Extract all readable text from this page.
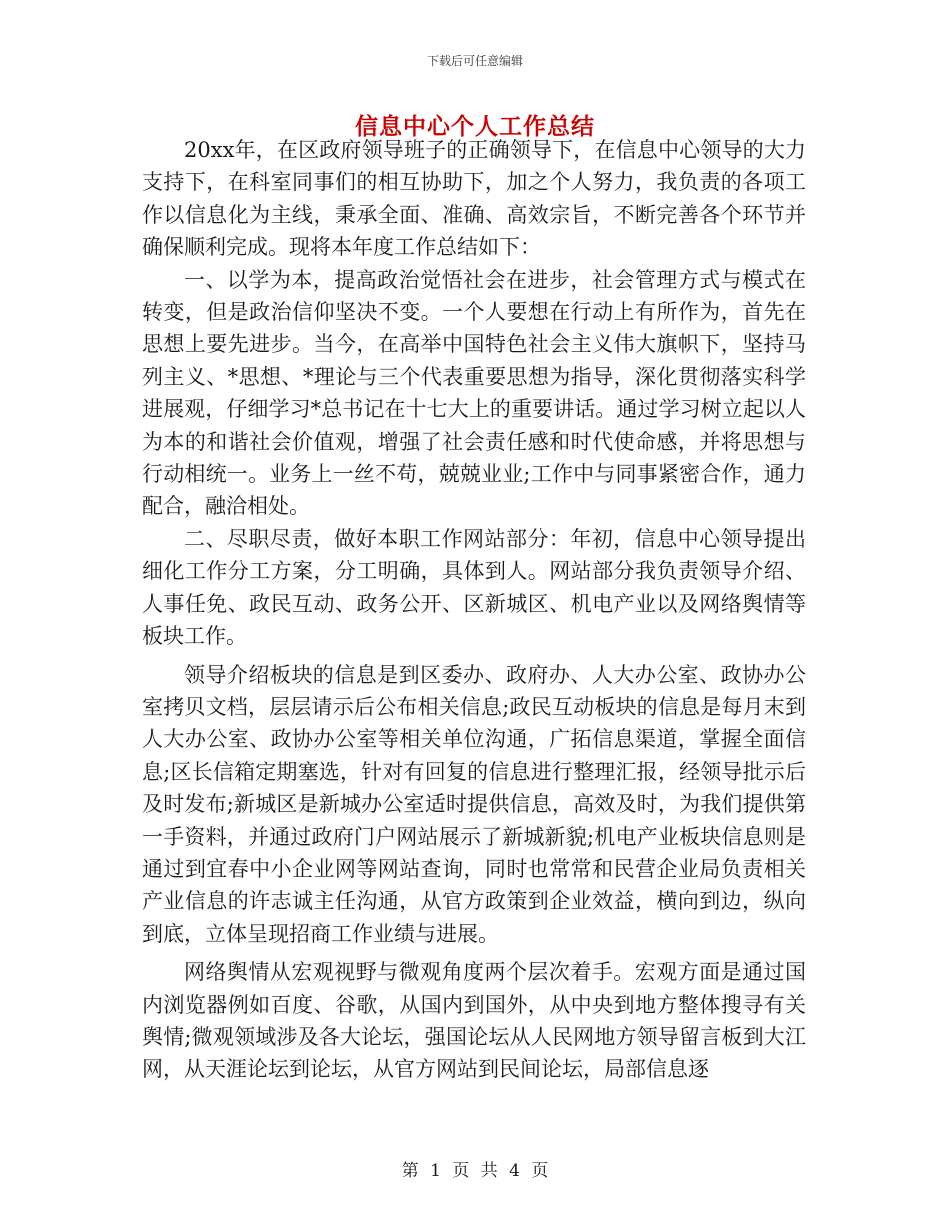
下载后可任意编辑
信息中心个人工作总结

20xx年，在区政府领导班子的正确领导下，在信息中心领导的大力支持下，在科室同事们的相互协助下，加之个人努力，我负责的各项工作以信息化为主线，秉承全面、准确、高效宗旨，不断完善各个环节并确保顺利完成。现将本年度工作总结如下：

一、以学为本，提高政治觉悟社会在进步，社会管理方式与模式在转变，但是政治信仰坚决不变。一个人要想在行动上有所作为，首先在思想上要先进步。当今，在高举中国特色社会主义伟大旗帜下，坚持马列主义、*思想、*理论与三个代表重要思想为指导，深化贯彻落实科学进展观，仔细学习*总书记在十七大上的重要讲话。通过学习树立起以人为本的和谐社会价值观，增强了社会责任感和时代使命感，并将思想与行动相统一。业务上一丝不苟，兢兢业业;工作中与同事紧密合作，通力配合，融洽相处。

二、尽职尽责，做好本职工作网站部分：年初，信息中心领导提出细化工作分工方案，分工明确，具体到人。网站部分我负责领导介绍、人事任免、政民互动、政务公开、区新城区、机电产业以及网络舆情等板块工作。

领导介绍板块的信息是到区委办、政府办、人大办公室、政协办公室拷贝文档，层层请示后公布相关信息;政民互动板块的信息是每月末到人大办公室、政协办公室等相关单位沟通，广拓信息渠道，掌握全面信息;区长信箱定期塞选，针对有回复的信息进行整理汇报，经领导批示后及时发布;新城区是新城办公室适时提供信息，高效及时，为我们提供第一手资料，并通过政府门户网站展示了新城新貌;机电产业板块信息则是通过到宜春中小企业网等网站查询，同时也常常和民营企业局负责相关产业信息的许志诚主任沟通，从官方政策到企业效益，横向到边，纵向到底，立体呈现招商工作业绩与进展。

网络舆情从宏观视野与微观角度两个层次着手。宏观方面是通过国内浏览器例如百度、谷歌，从国内到国外，从中央到地方整体搜寻有关舆情;微观领域涉及各大论坛，强国论坛从人民网地方领导留言板到大江网，从天涯论坛到论坛，从官方网站到民间论坛，局部信息逐

第 1 页 共 4 页
